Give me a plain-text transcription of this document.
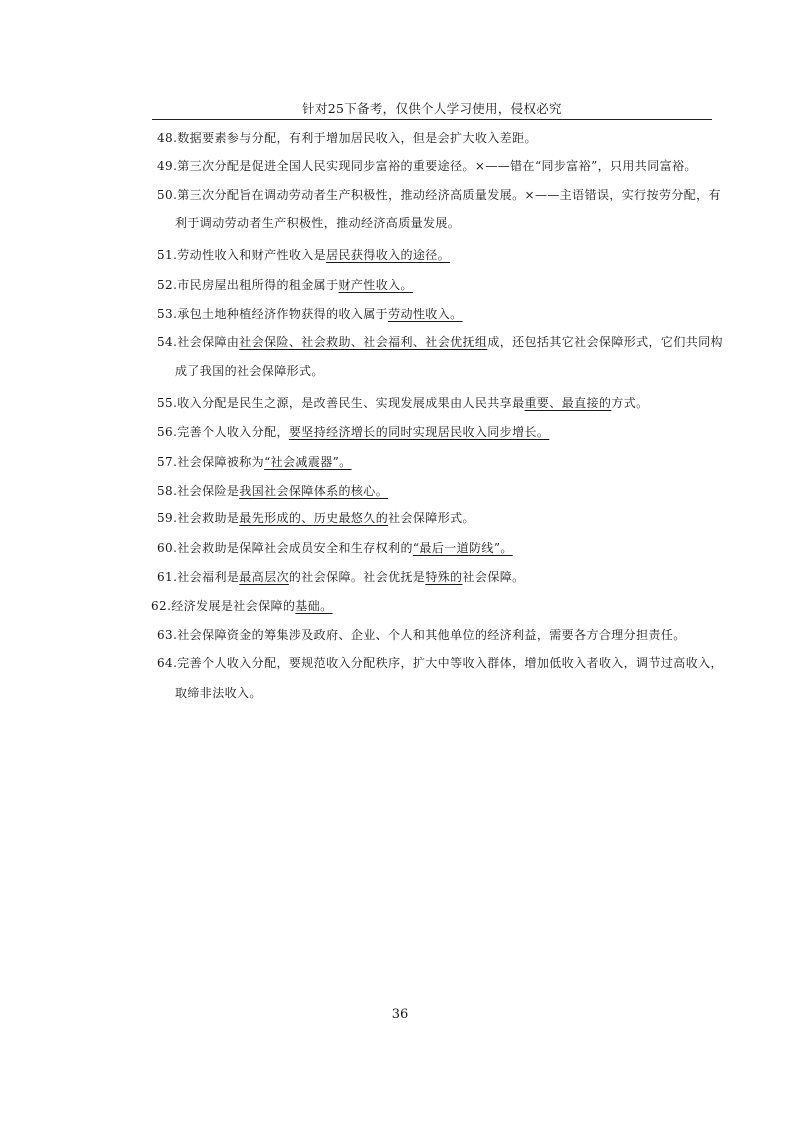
针对25下备考，仅供个人学习使用，侵权必究
48.数据要素参与分配，有利于增加居民收入，但是会扩大收入差距。
49.第三次分配是促进全国人民实现同步富裕的重要途径。×——错在“同步富裕”，只用共同富裕。
50.第三次分配旨在调动劳动者生产积极性，推动经济高质量发展。×——主语错误，实行按劳分配，有
利于调动劳动者生产积极性，推动经济高质量发展。
51.劳动性收入和财产性收入是居民获得收入的途径。
52.市民房屋出租所得的租金属于财产性收入。
53.承包土地种植经济作物获得的收入属于劳动性收入。
54.社会保障由社会保险、社会救助、社会福利、社会优抚组成，还包括其它社会保障形式，它们共同构
成了我国的社会保障形式。
55.收入分配是民生之源，是改善民生、实现发展成果由人民共享最重要、最直接的方式。
56.完善个人收入分配，要坚持经济增长的同时实现居民收入同步增长。
57.社会保障被称为“社会减震器”。
58.社会保险是我国社会保障体系的核心。
59.社会救助是最先形成的、历史最悠久的社会保障形式。
60.社会救助是保障社会成员安全和生存权利的“最后一道防线”。
61.社会福利是最高层次的社会保障。社会优抚是特殊的社会保障。
62.经济发展是社会保障的基础。
63.社会保障资金的筹集涉及政府、企业、个人和其他单位的经济利益，需要各方合理分担责任。
64.完善个人收入分配，要规范收入分配秩序，扩大中等收入群体，增加低收入者收入，调节过高收入，
取缔非法收入。
36
